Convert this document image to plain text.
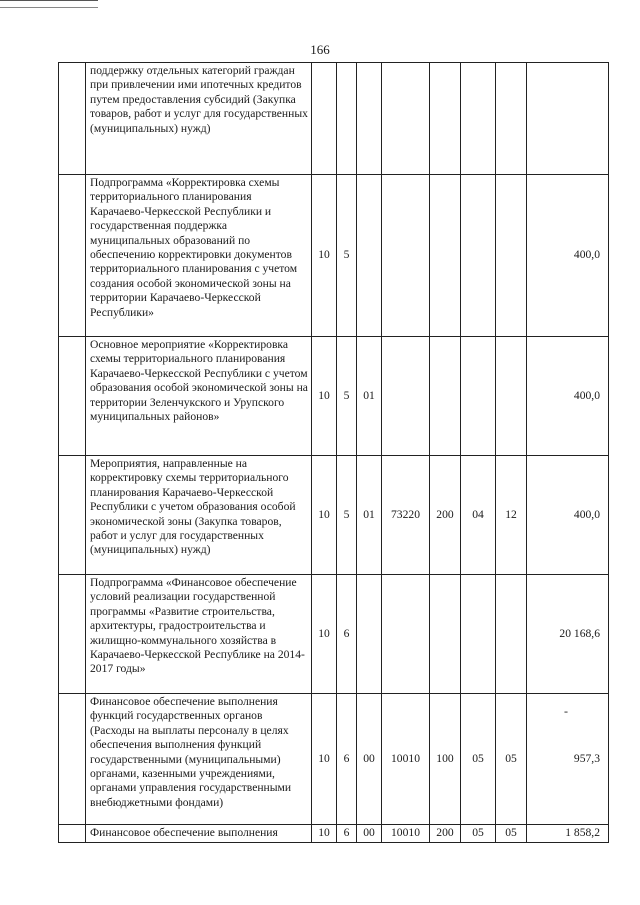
166
	поддержку отдельных категорий граждан при привлечении ими ипотечных кредитов путем предоставления субсидий (Закупка товаров, работ и услуг для государственных (муниципальных) нужд)								
	Подпрограмма «Корректировка схемы территориального планирования Карачаево-Черкесской Республики и государственная поддержка муниципальных образований по обеспечению корректировки документов территориального планирования с учетом создания особой экономической зоны на территории Карачаево-Черкесской Республики»	10	5						400,0
	Основное мероприятие «Корректировка схемы территориального планирования Карачаево-Черкесской Республики с учетом образования особой экономической зоны на территории Зеленчукского и Урупского муниципальных районов»	10	5	01					400,0
	Мероприятия, направленные на корректировку схемы территориального планирования Карачаево-Черкесской Республики с учетом образования особой экономической зоны (Закупка товаров, работ и услуг для государственных (муниципальных) нужд)	10	5	01	73220	200	04	12	400,0
	Подпрограмма «Финансовое обеспечение условий реализации государственной программы «Развитие строительства, архитектуры, градостроительства и жилищно-коммунального хозяйства в Карачаево-Черкесской Республике на 2014-2017 годы»	10	6						20 168,6
	Финансовое обеспечение выполнения функций государственных органов (Расходы на выплаты персоналу в целях обеспечения выполнения функций государственными (муниципальными) органами, казенными учреждениями, органами управления государственными внебюджетными фондами)	10	6	00	10010	100	05	05	957,3
	Финансовое обеспечение выполнения	10	6	00	10010	200	05	05	1 858,2
-
